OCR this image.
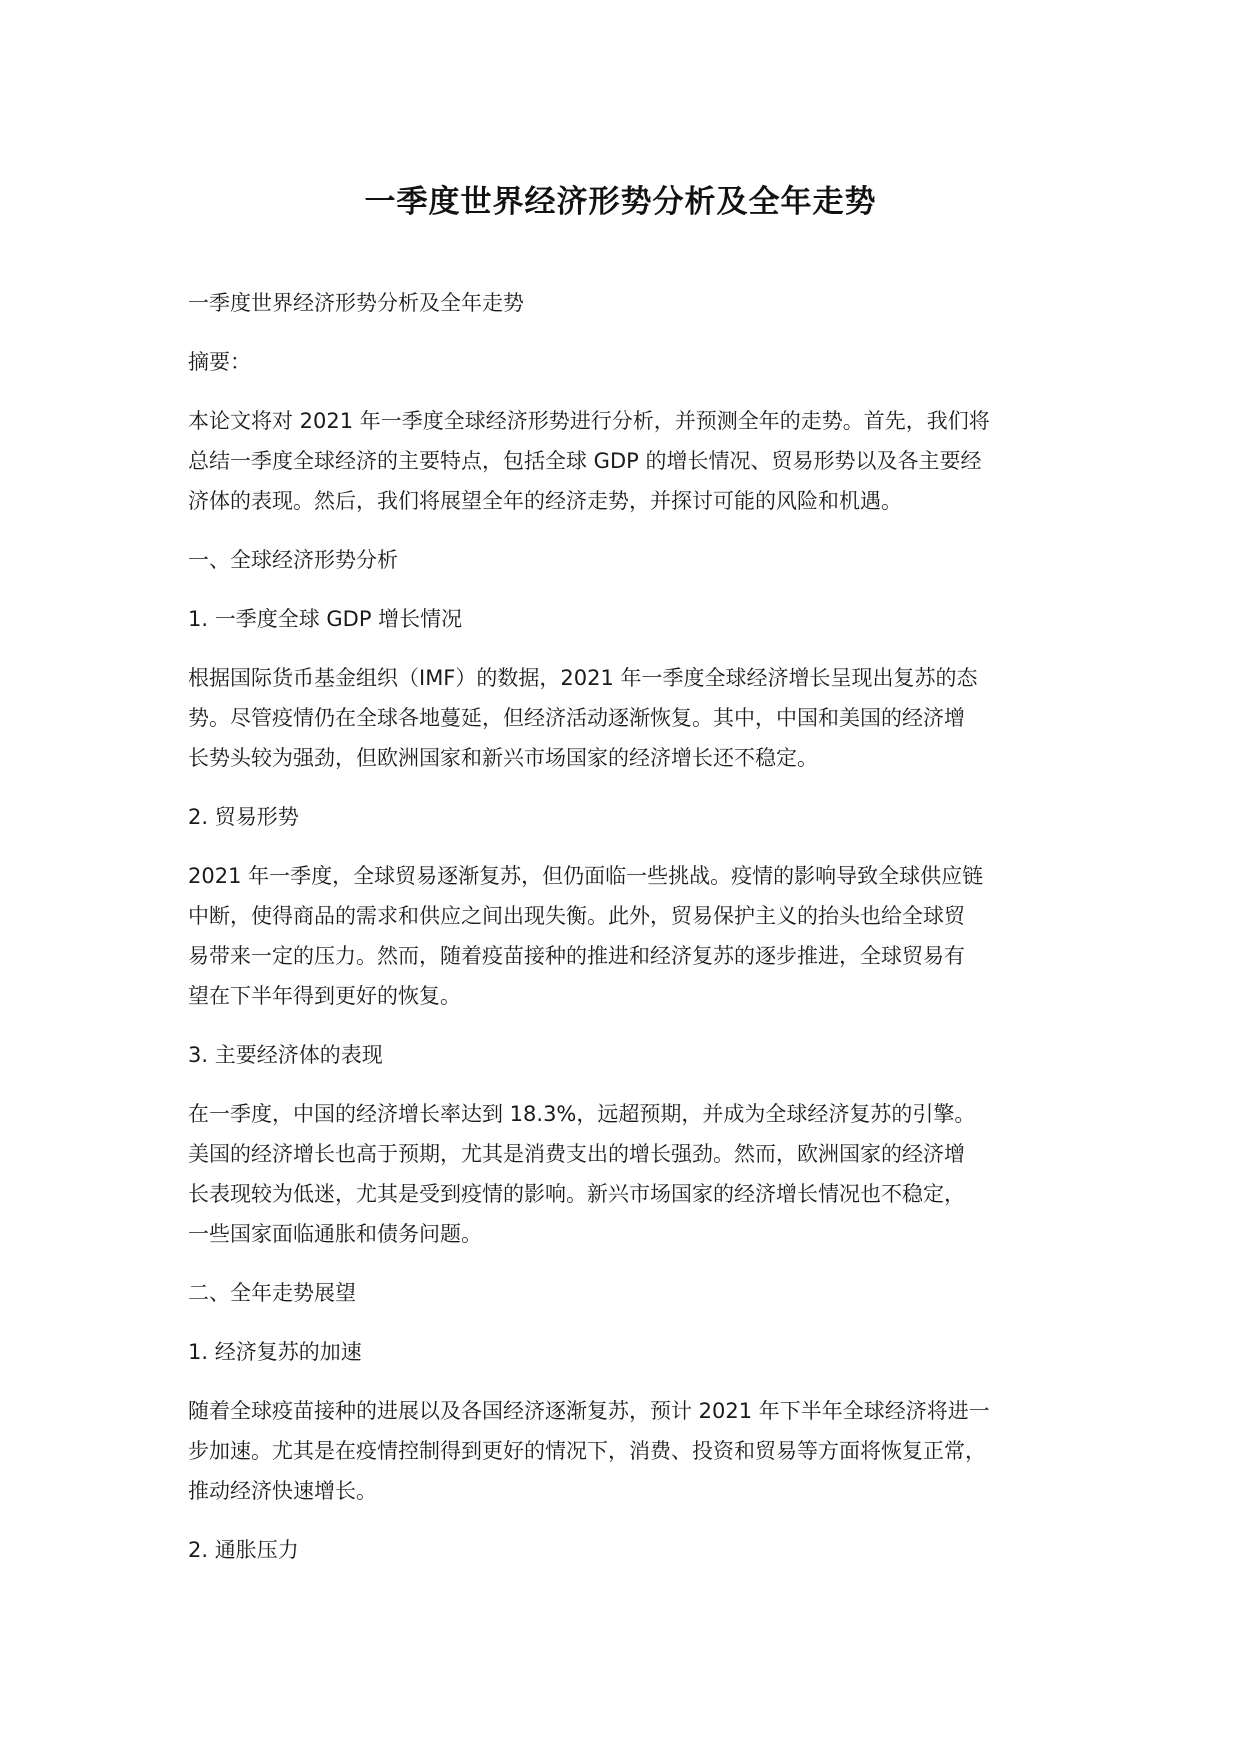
一季度世界经济形势分析及全年走势

一季度世界经济形势分析及全年走势

摘要：

本论文将对 2021 年一季度全球经济形势进行分析，并预测全年的走势。首先，我们将

总结一季度全球经济的主要特点，包括全球 GDP 的增长情况、贸易形势以及各主要经

济体的表现。然后，我们将展望全年的经济走势，并探讨可能的风险和机遇。

一、全球经济形势分析

1. 一季度全球 GDP 增长情况

根据国际货币基金组织（IMF）的数据，2021 年一季度全球经济增长呈现出复苏的态

势。尽管疫情仍在全球各地蔓延，但经济活动逐渐恢复。其中，中国和美国的经济增

长势头较为强劲，但欧洲国家和新兴市场国家的经济增长还不稳定。

2. 贸易形势

2021 年一季度，全球贸易逐渐复苏，但仍面临一些挑战。疫情的影响导致全球供应链

中断，使得商品的需求和供应之间出现失衡。此外，贸易保护主义的抬头也给全球贸

易带来一定的压力。然而，随着疫苗接种的推进和经济复苏的逐步推进，全球贸易有

望在下半年得到更好的恢复。

3. 主要经济体的表现

在一季度，中国的经济增长率达到 18.3%，远超预期，并成为全球经济复苏的引擎。

美国的经济增长也高于预期，尤其是消费支出的增长强劲。然而，欧洲国家的经济增

长表现较为低迷，尤其是受到疫情的影响。新兴市场国家的经济增长情况也不稳定，

一些国家面临通胀和债务问题。

二、全年走势展望

1. 经济复苏的加速

随着全球疫苗接种的进展以及各国经济逐渐复苏，预计 2021 年下半年全球经济将进一

步加速。尤其是在疫情控制得到更好的情况下，消费、投资和贸易等方面将恢复正常，

推动经济快速增长。

2. 通胀压力
